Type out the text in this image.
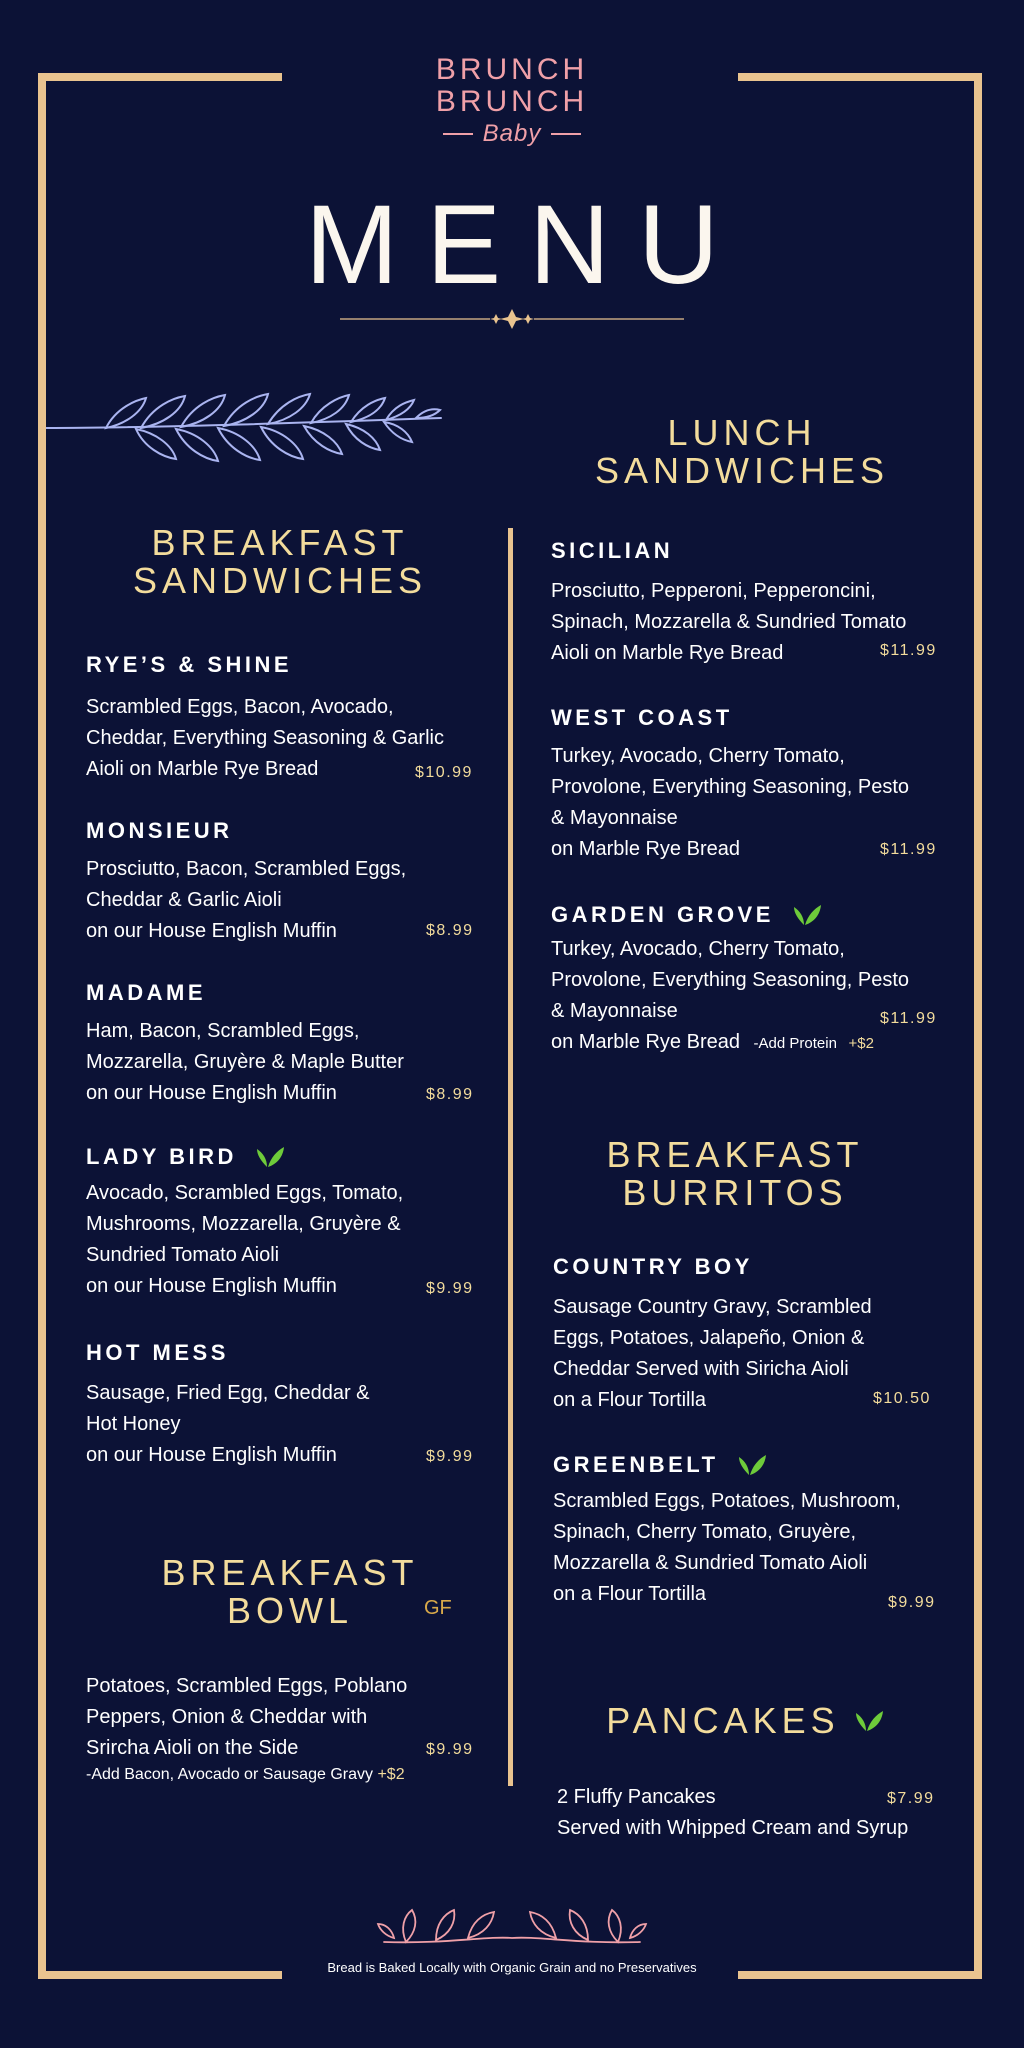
BRUNCH
BRUNCH
Baby
MENU
BREAKFAST
SANDWICHES
RYE’S & SHINE
Scrambled Eggs, Bacon, Avocado,
Cheddar, Everything Seasoning & Garlic
Aioli on Marble Rye Bread	$10.99
MONSIEUR
Prosciutto, Bacon, Scrambled Eggs,
Cheddar & Garlic Aioli
on our House English Muffin	$8.99
MADAME
Ham, Bacon, Scrambled Eggs,
Mozzarella, Gruyère & Maple Butter
on our House English Muffin	$8.99
LADY BIRD
Avocado, Scrambled Eggs, Tomato,
Mushrooms, Mozzarella, Gruyère &
Sundried Tomato Aioli
on our House English Muffin	$9.99
HOT MESS
Sausage, Fried Egg, Cheddar &
Hot Honey
on our House English Muffin	$9.99
BREAKFAST
BOWL	GF
Potatoes, Scrambled Eggs, Poblano
Peppers, Onion & Cheddar with
Srircha Aioli on the Side	$9.99
-Add Bacon, Avocado or Sausage Gravy +$2
LUNCH
SANDWICHES
SICILIAN
Prosciutto, Pepperoni, Pepperoncini,
Spinach, Mozzarella & Sundried Tomato
Aioli on Marble Rye Bread	$11.99
WEST COAST
Turkey, Avocado, Cherry Tomato,
Provolone, Everything Seasoning, Pesto
& Mayonnaise
on Marble Rye Bread	$11.99
GARDEN GROVE
Turkey, Avocado, Cherry Tomato,
Provolone, Everything Seasoning, Pesto
& Mayonnaise
on Marble Rye Bread -Add Protein +$2
$11.99
BREAKFAST
BURRITOS
COUNTRY BOY
Sausage Country Gravy, Scrambled
Eggs, Potatoes, Jalapeño, Onion &
Cheddar Served with Siricha Aioli
on a Flour Tortilla	$10.50
GREENBELT
Scrambled Eggs, Potatoes, Mushroom,
Spinach, Cherry Tomato, Gruyère,
Mozzarella & Sundried Tomato Aioli
on a Flour Tortilla	$9.99
PANCAKES
2 Fluffy Pancakes
Served with Whipped Cream and Syrup
$7.99
Bread is Baked Locally with Organic Grain and no Preservatives
